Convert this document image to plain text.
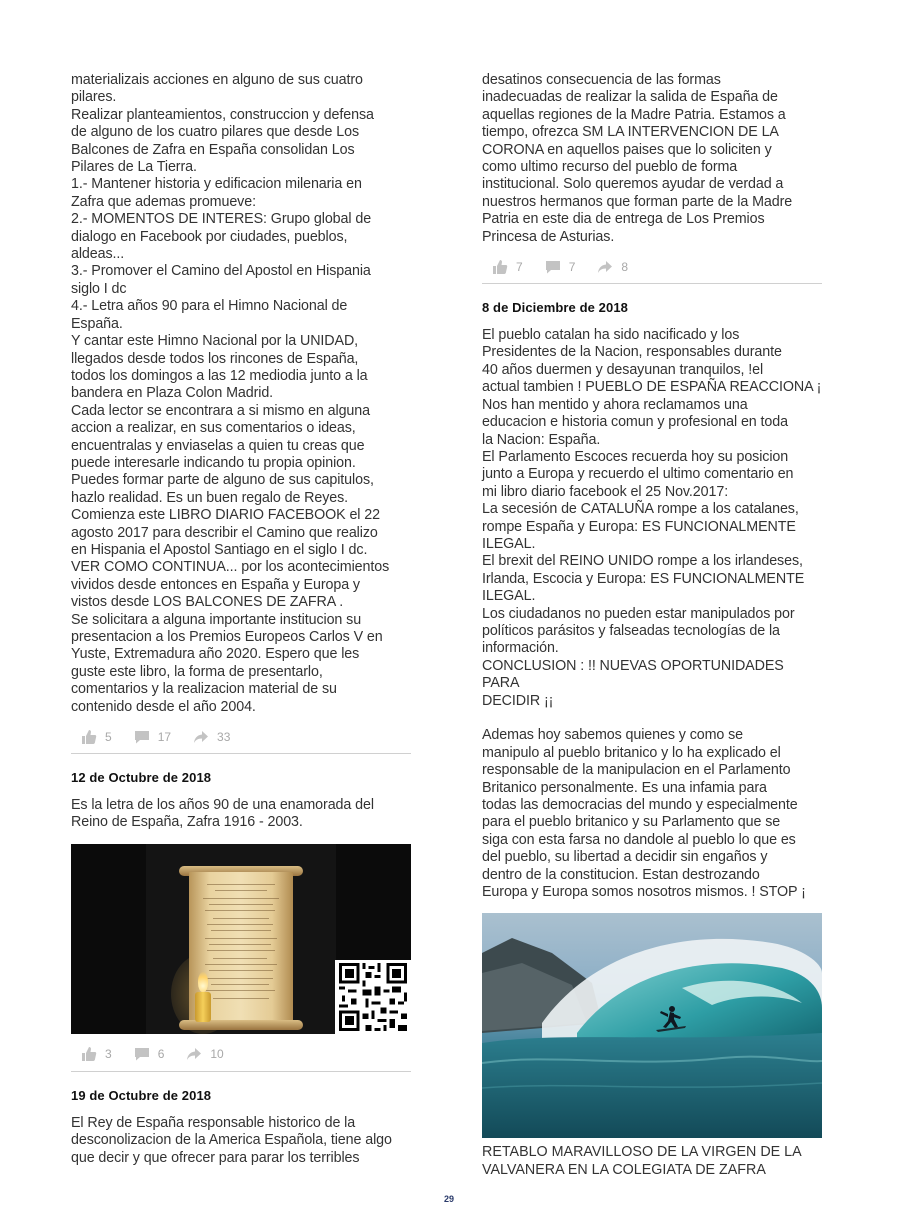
materializais acciones en alguno de sus cuatro
pilares.
Realizar planteamientos, construccion y defensa
de alguno de los cuatro pilares que desde Los
Balcones de Zafra en España consolidan Los
Pilares de La Tierra.
1.- Mantener historia y edificacion milenaria en
Zafra que ademas promueve:
2.- MOMENTOS DE INTERES: Grupo global de
dialogo en Facebook por ciudades, pueblos,
aldeas...
3.- Promover el Camino del Apostol en Hispania
siglo I dc
4.- Letra años 90 para el Himno Nacional de
España.
Y cantar este Himno Nacional por la UNIDAD,
llegados desde todos los rincones de España,
todos los domingos a las 12 mediodia junto a la
bandera en Plaza Colon Madrid.
Cada lector se encontrara a si mismo en alguna
accion a realizar, en sus comentarios o ideas,
encuentralas y enviaselas a quien tu creas que
puede interesarle indicando tu propia opinion.
Puedes formar parte de alguno de sus capitulos,
hazlo realidad. Es un buen regalo de Reyes.
Comienza este LIBRO DIARIO FACEBOOK el 22
agosto 2017 para describir el Camino que realizo
en Hispania el Apostol Santiago en el siglo I dc.
VER COMO CONTINUA... por los acontecimientos
vividos desde entonces en España y Europa y
vistos desde LOS BALCONES DE ZAFRA .
Se solicitara a alguna importante institucion su
presentacion a los Premios Europeos Carlos V en
Yuste, Extremadura año 2020. Espero que les
guste este libro, la forma de presentarlo,
comentarios y la realizacion material de su
contenido desde el año 2004.
5	17	33
12 de Octubre de 2018
Es la letra de los años 90 de una enamorada del
Reino de España, Zafra 1916 - 2003.
3	6	10
19 de Octubre de 2018
El Rey de España responsable historico de la
desconolizacion de la America Española, tiene algo
que decir y que ofrecer para parar los terribles
desatinos consecuencia de las formas
inadecuadas de realizar la salida de España de
aquellas regiones de la Madre Patria. Estamos a
tiempo, ofrezca SM LA INTERVENCION DE LA
CORONA en aquellos paises que lo soliciten y
como ultimo recurso del pueblo de forma
institucional. Solo queremos ayudar de verdad a
nuestros hermanos que forman parte de la Madre
Patria en este dia de entrega de Los Premios
Princesa de Asturias.
7	7	8
8 de Diciembre de 2018
El pueblo catalan ha sido nacificado y los
Presidentes de la Nacion, responsables durante
40 años duermen y desayunan tranquilos, !el
actual tambien ! PUEBLO DE ESPAÑA REACCIONA ¡
Nos han mentido y ahora reclamamos una
educacion e historia comun y profesional en toda
la Nacion: España.
El Parlamento Escoces recuerda hoy su posicion
junto a Europa y recuerdo el ultimo comentario en
mi libro diario facebook el 25 Nov.2017:
La secesión de CATALUÑA rompe a los catalanes,
rompe España y Europa: ES FUNCIONALMENTE
ILEGAL.
El brexit del REINO UNIDO rompe a los irlandeses,
Irlanda, Escocia y Europa: ES FUNCIONALMENTE
ILEGAL.
Los ciudadanos no pueden estar manipulados por
políticos parásitos y falseadas tecnologías de la
información.
CONCLUSION : !! NUEVAS OPORTUNIDADES PARA
DECIDIR ¡¡

Ademas hoy sabemos quienes y como se
manipulo al pueblo britanico y lo ha explicado el
responsable de la manipulacion en el Parlamento
Britanico personalmente. Es una infamia para
todas las democracias del mundo y especialmente
para el pueblo britanico y su Parlamento que se
siga con esta farsa no dandole al pueblo lo que es
del pueblo, su libertad a decidir sin engaños y
dentro de la constitucion. Estan destrozando
Europa y Europa somos nosotros mismos. ! STOP ¡
RETABLO MARAVILLOSO DE LA VIRGEN DE LA
VALVANERA EN LA COLEGIATA DE ZAFRA
29
